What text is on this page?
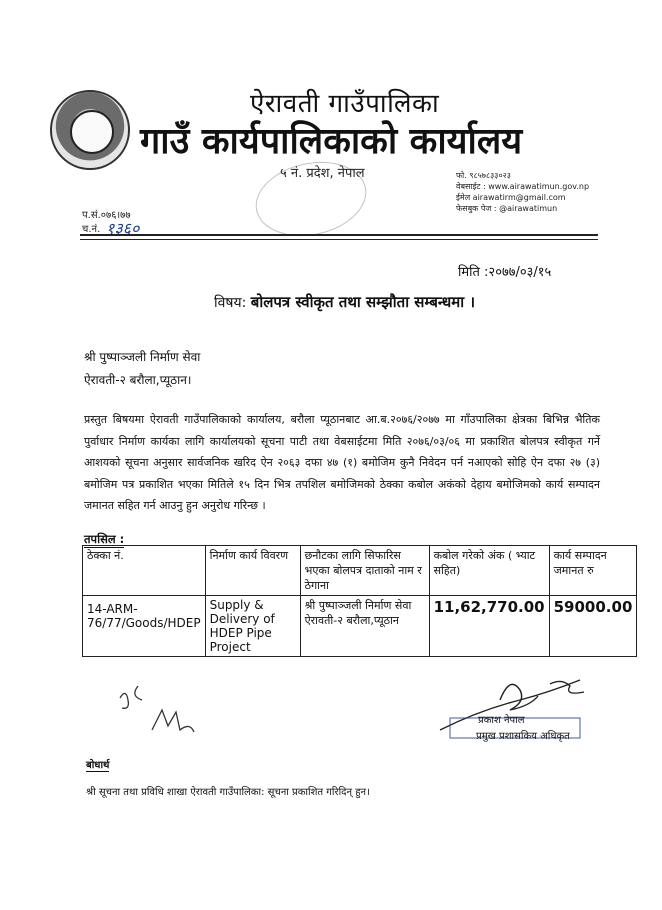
ऐरावती गाउँपालिका
गाउँ कार्यपालिकाको कार्यालय
५ नं. प्रदेश, नेपाल	फो. ९८५७८३३०२३
वेबसाईट : www.airawatimun.gov.np
ईमेल airawatirm@gmail.com
फेसबुक पेज : @airawatimun
प.सं.०७६।७७
च.नं. १३६०
मिति :२०७७/०३/१५
विषय: बोलपत्र स्वीकृत तथा सम्झौता सम्बन्धमा ।
श्री पुष्पाञ्जली निर्माण सेवा
ऐरावती-२ बरौला,प्यूठान।
प्रस्तुत बिषयमा ऐरावती गाउँपालिकाको कार्यालय, बरौला प्यूठानबाट आ.ब.२०७६/२०७७ मा गाँउपालिका क्षेत्रका बिभिन्न भैतिक पुर्वाधार निर्माण कार्यका लागि कार्यालयको सूचना पाटी तथा वेबसाईटमा मिति २०७६/०३/०६ मा प्रकाशित बोलपत्र स्वीकृत गर्ने आशयको सूचना अनुसार सार्वजनिक खरिद ऐन २०६३ दफा ४७ (१) बमोजिम कुनै निवेदन पर्न नआएको सोहि ऐन दफा २७ (३) बमोजिम पत्र प्रकाशित भएका मितिले १५ दिन भित्र तपशिल बमोजिमको ठेक्का कबोल अकंको देहाय बमोजिमको कार्य सम्पादन जमानत सहित गर्न आउनु हुन अनुरोध गरिन्छ ।
तपसिल :
ठेक्का नं.	निर्माण कार्य विवरण	छनौटका लागि सिफारिस भएका बोलपत्र दाताको नाम र ठेगाना	कबोल गरेको अंक ( भ्याट सहित)	कार्य सम्पादन जमानत रु
14-ARM-76/77/Goods/HDEP	Supply & Delivery of HDEP Pipe Project	श्री पुष्पाञ्जली निर्माण सेवा
ऐरावती-२ बरौला,प्यूठान	11,62,770.00	59000.00
प्रकाश नेपाल
प्रमुख प्रशासकिय अधिकृत
बोधार्थ
श्री सूचना तथा प्रविधि शाखा ऐरावती गाउँपालिका: सूचना प्रकाशित गरिदिन् हुन।
